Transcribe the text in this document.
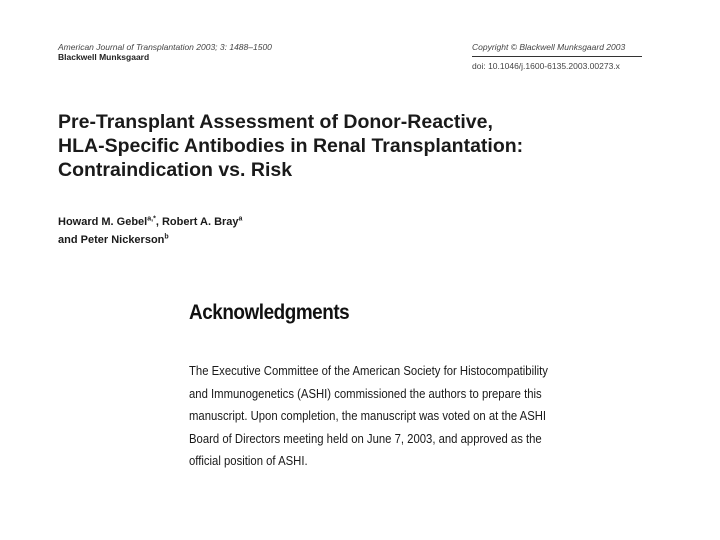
American Journal of Transplantation 2003; 3: 1488–1500
Blackwell Munksgaard
Copyright © Blackwell Munksgaard 2003
doi: 10.1046/j.1600-6135.2003.00273.x
Pre-Transplant Assessment of Donor-Reactive,
HLA-Specific Antibodies in Renal Transplantation:
Contraindication vs. Risk
Howard M. Gebel$^{a,*}$, Robert A. Bray$^a$
and Peter Nickerson$^b$
Acknowledgments
The Executive Committee of the American Society for Histocompatibility
and Immunogenetics (ASHI) commissioned the authors to prepare this
manuscript. Upon completion, the manuscript was voted on at the ASHI
Board of Directors meeting held on June 7, 2003, and approved as the
official position of ASHI.
